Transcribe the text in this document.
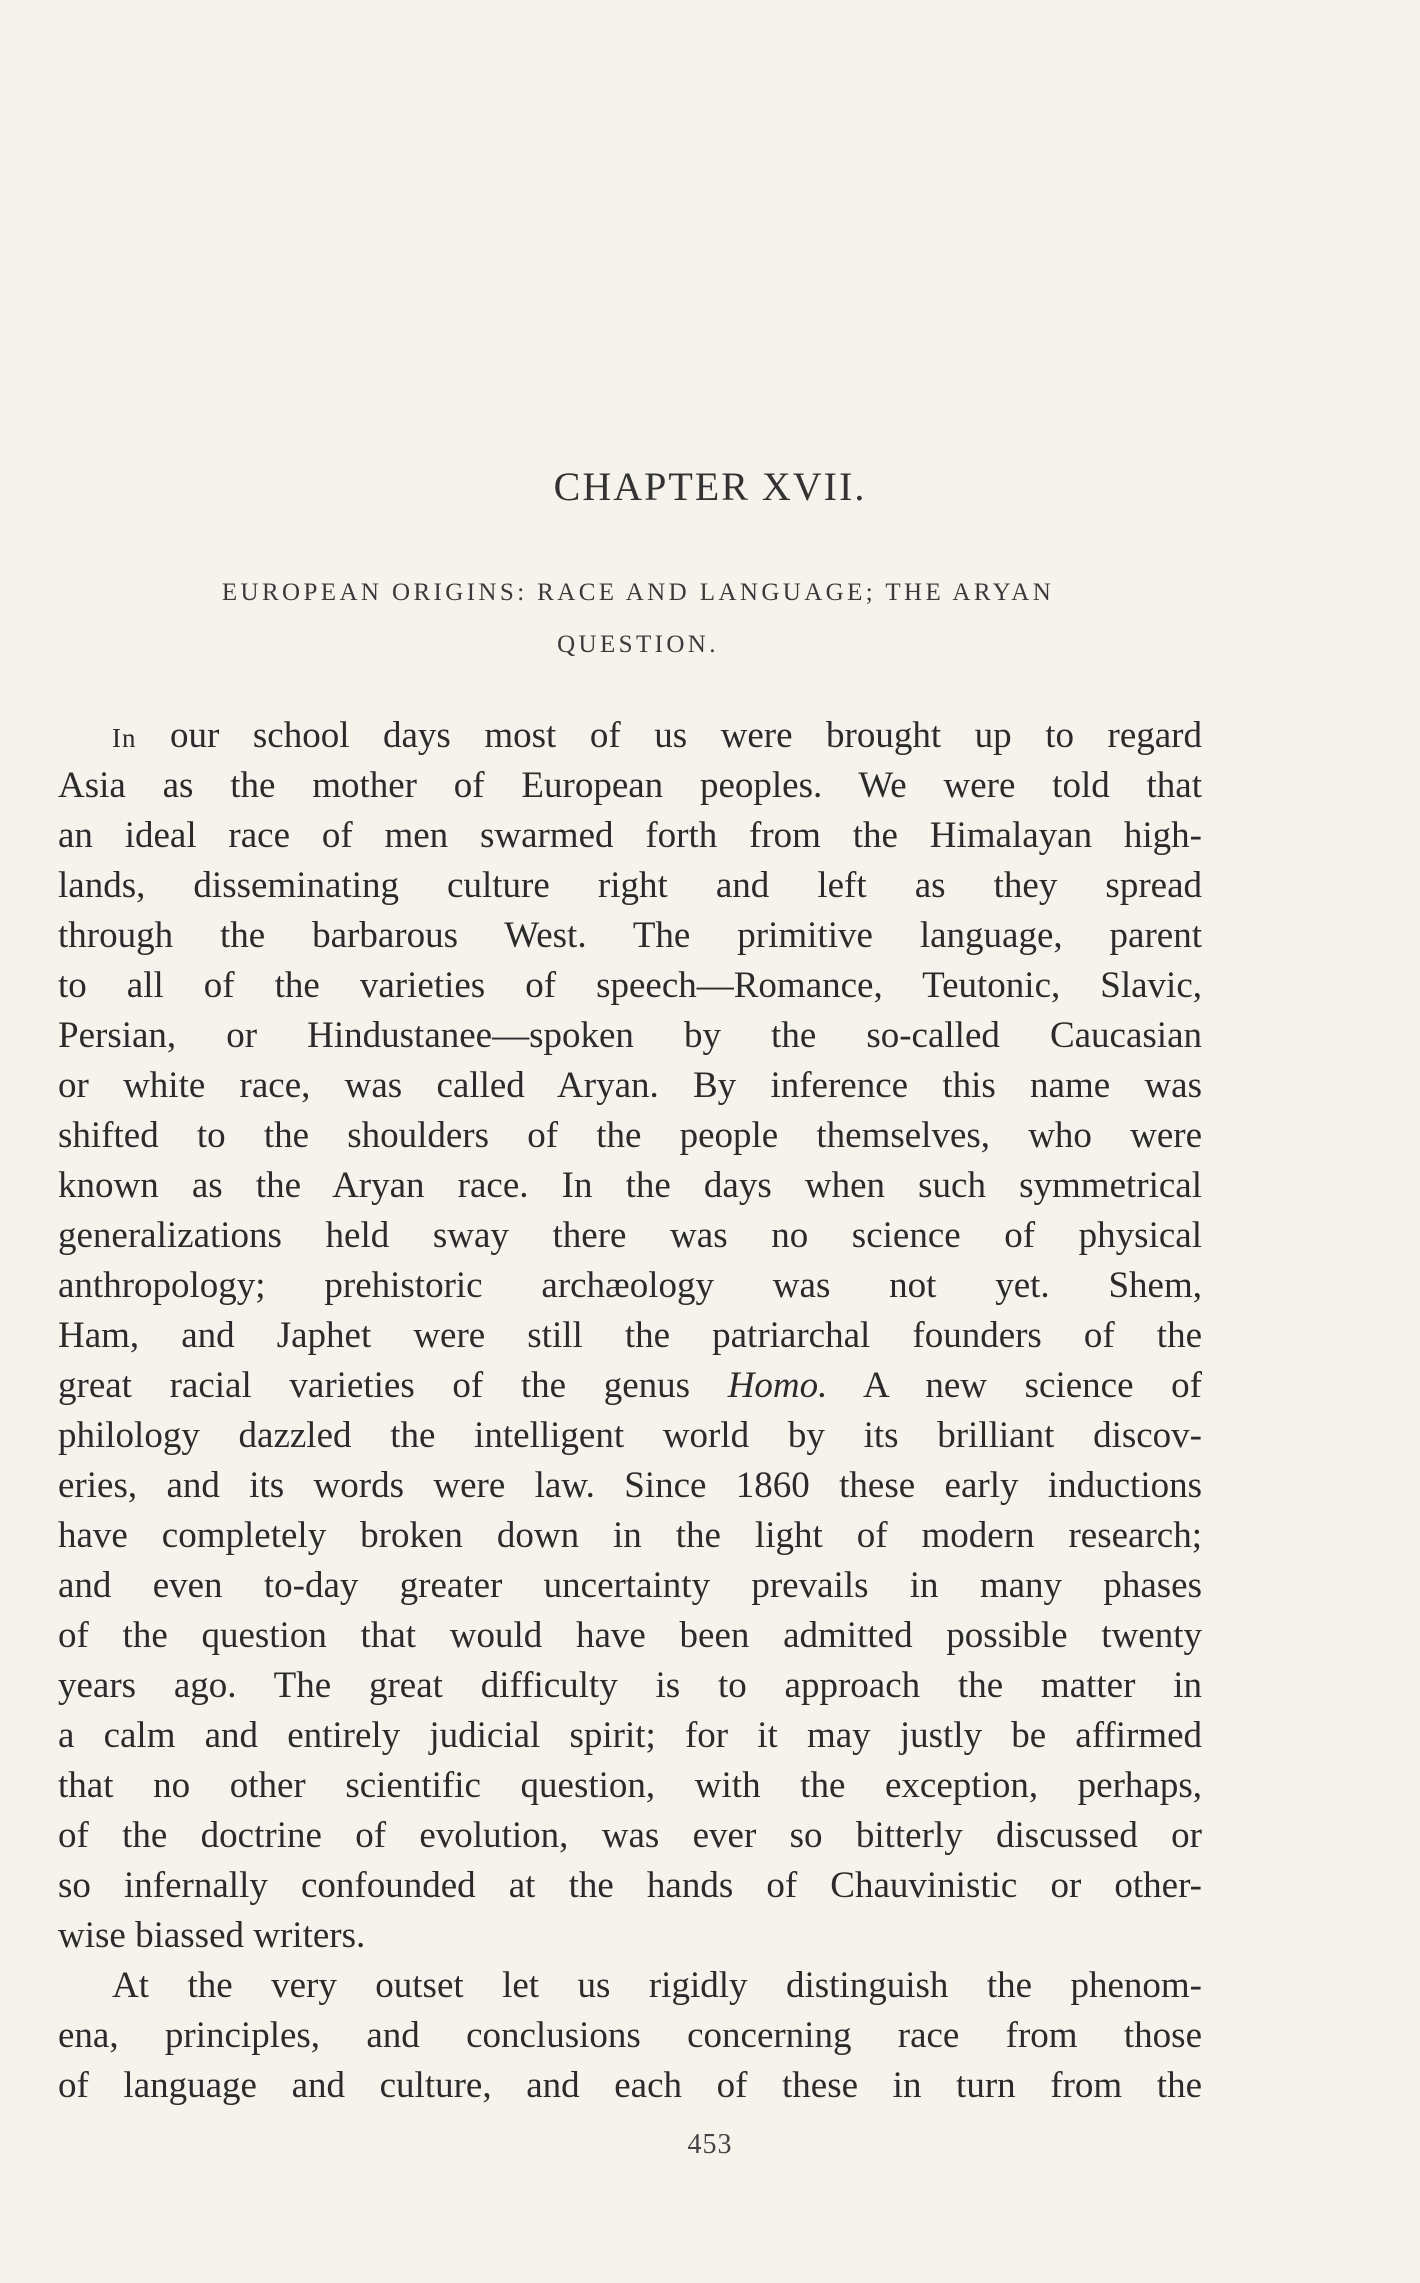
CHAPTER XVII.
EUROPEAN ORIGINS: RACE AND LANGUAGE; THE ARYAN
QUESTION.
In our school days most of us were brought up to regard
Asia as the mother of European peoples. We were told that
an ideal race of men swarmed forth from the Himalayan high-
lands, disseminating culture right and left as they spread
through the barbarous West. The primitive language, parent
to all of the varieties of speech—Romance, Teutonic, Slavic,
Persian, or Hindustanee—spoken by the so-called Caucasian
or white race, was called Aryan. By inference this name was
shifted to the shoulders of the people themselves, who were
known as the Aryan race. In the days when such symmetrical
generalizations held sway there was no science of physical
anthropology; prehistoric archæology was not yet. Shem,
Ham, and Japhet were still the patriarchal founders of the
great racial varieties of the genus Homo. A new science of
philology dazzled the intelligent world by its brilliant discov-
eries, and its words were law. Since 1860 these early inductions
have completely broken down in the light of modern research;
and even to-day greater uncertainty prevails in many phases
of the question that would have been admitted possible twenty
years ago. The great difficulty is to approach the matter in
a calm and entirely judicial spirit; for it may justly be affirmed
that no other scientific question, with the exception, perhaps,
of the doctrine of evolution, was ever so bitterly discussed or
so infernally confounded at the hands of Chauvinistic or other-
wise biassed writers.
At the very outset let us rigidly distinguish the phenom-
ena, principles, and conclusions concerning race from those
of language and culture, and each of these in turn from the
453
